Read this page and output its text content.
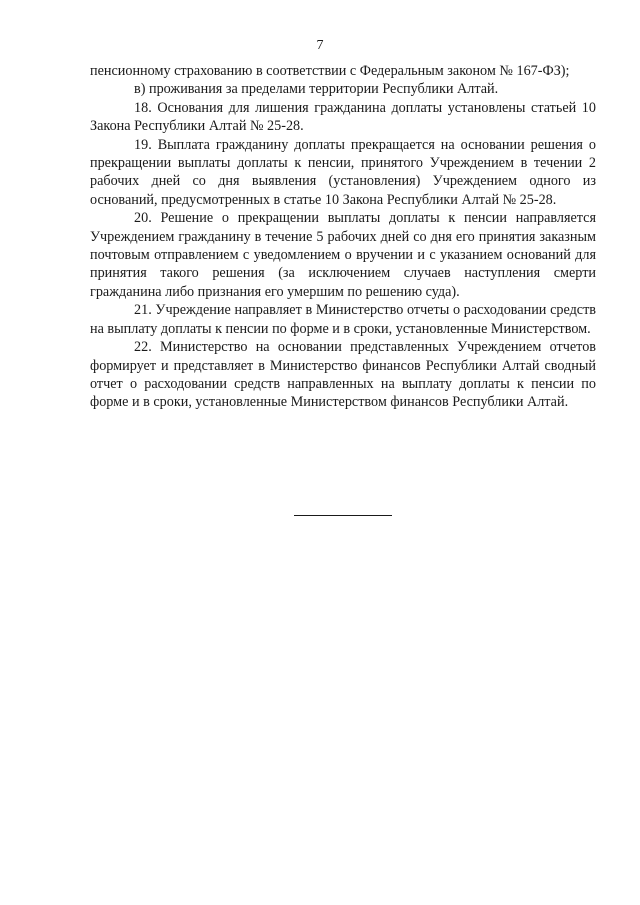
7

пенсионному страхованию в соответствии с Федеральным законом № 167-ФЗ);

в) проживания за пределами территории Республики Алтай.

18. Основания для лишения гражданина доплаты установлены статьей 10 Закона Республики Алтай № 25-28.

19. Выплата гражданину доплаты прекращается на основании решения о прекращении выплаты доплаты к пенсии, принятого Учреждением в течении 2 рабочих дней со дня выявления (установления) Учреждением одного из оснований, предусмотренных в статье 10 Закона Республики Алтай № 25-28.

20. Решение о прекращении выплаты доплаты к пенсии направляется Учреждением гражданину в течение 5 рабочих дней со дня его принятия заказным почтовым отправлением с уведомлением о вручении и с указанием оснований для принятия такого решения (за исключением случаев наступления смерти гражданина либо признания его умершим по решению суда).

21. Учреждение направляет в Министерство отчеты о расходовании средств на выплату доплаты к пенсии по форме и в сроки, установленные Министерством.

22. Министерство на основании представленных Учреждением отчетов формирует и представляет в Министерство финансов Республики Алтай сводный отчет о расходовании средств направленных на выплату доплаты к пенсии по форме и в сроки, установленные Министерством финансов Республики Алтай.
